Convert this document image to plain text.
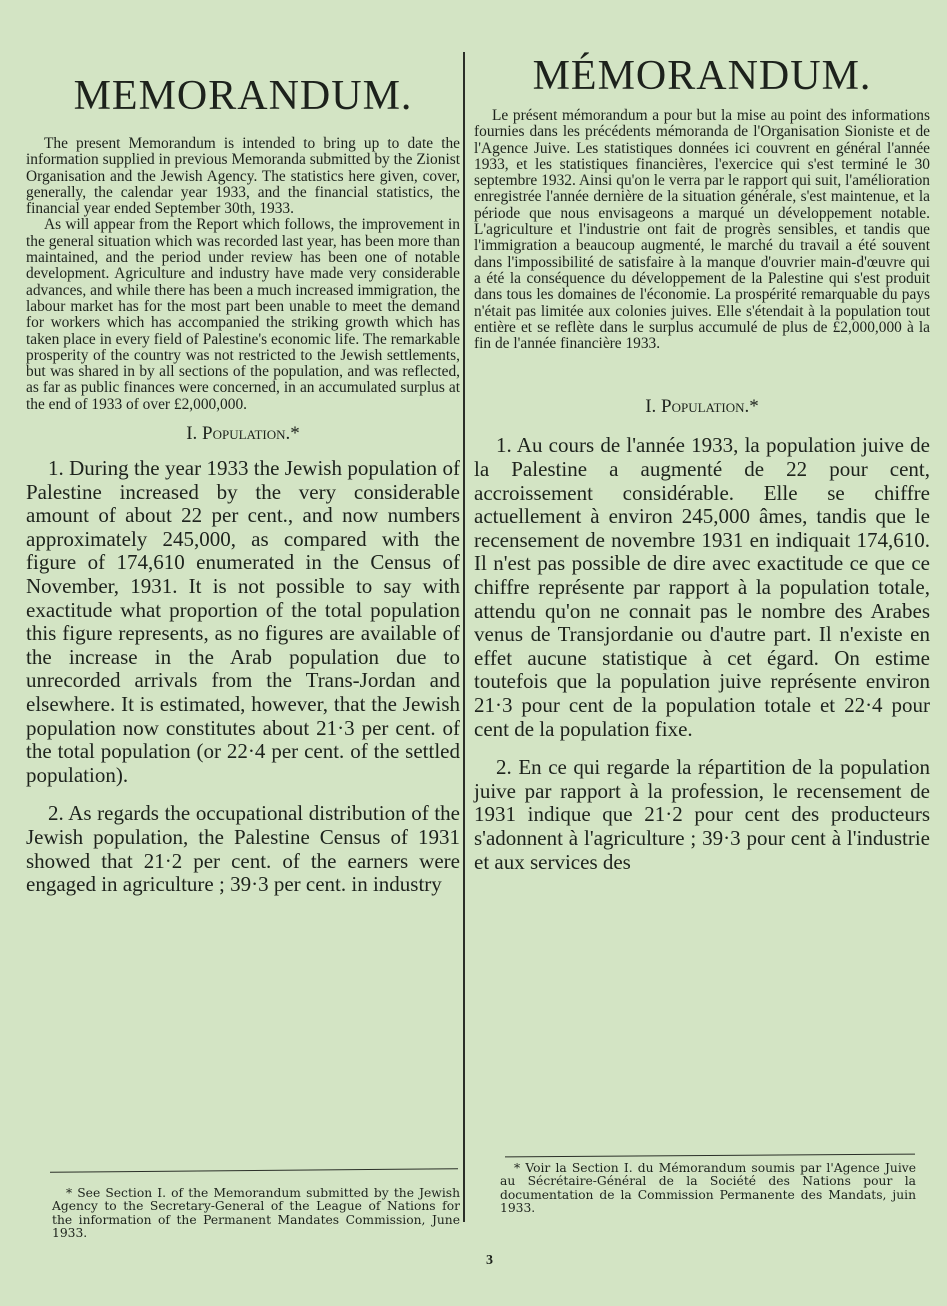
MEMORANDUM.

The present Memorandum is intended to bring up to date the information supplied in previous Memoranda submitted by the Zionist Organisation and the Jewish Agency. The statistics here given, cover, generally, the calendar year 1933, and the financial statistics, the financial year ended September 30th, 1933.

As will appear from the Report which follows, the improvement in the general situation which was recorded last year, has been more than maintained, and the period under review has been one of notable development. Agriculture and industry have made very considerable advances, and while there has been a much increased immigration, the labour market has for the most part been unable to meet the demand for workers which has accompanied the striking growth which has taken place in every field of Palestine's economic life. The remarkable prosperity of the country was not restricted to the Jewish settlements, but was shared in by all sections of the population, and was reflected, as far as public finances were concerned, in an accumulated surplus at the end of 1933 of over £2,000,000.

I. Population.*

1. During the year 1933 the Jewish population of Palestine increased by the very considerable amount of about 22 per cent., and now numbers approximately 245,000, as compared with the figure of 174,610 enumerated in the Census of November, 1931. It is not possible to say with exactitude what proportion of the total population this figure represents, as no figures are available of the increase in the Arab population due to unrecorded arrivals from the Trans-Jordan and elsewhere. It is estimated, however, that the Jewish population now constitutes about 21·3 per cent. of the total population (or 22·4 per cent. of the settled population).

2. As regards the occupational distribution of the Jewish population, the Palestine Census of 1931 showed that 21·2 per cent. of the earners were engaged in agriculture ; 39·3 per cent. in industry

MÉMORANDUM.

Le présent mémorandum a pour but la mise au point des informations fournies dans les précédents mémoranda de l'Organisation Sioniste et de l'Agence Juive. Les statistiques données ici couvrent en général l'année 1933, et les statistiques financières, l'exercice qui s'est terminé le 30 septembre 1932. Ainsi qu'on le verra par le rapport qui suit, l'amélioration enregistrée l'année dernière de la situation générale, s'est maintenue, et la période que nous envisageons a marqué un développement notable. L'agriculture et l'industrie ont fait de progrès sensibles, et tandis que l'immigration a beaucoup augmenté, le marché du travail a été souvent dans l'impossibilité de satisfaire à la manque d'ouvrier main-d'œuvre qui a été la conséquence du développement de la Palestine qui s'est produit dans tous les domaines de l'économie. La prospérité remarquable du pays n'était pas limitée aux colonies juives. Elle s'étendait à la population tout entière et se reflète dans le surplus accumulé de plus de £2,000,000 à la fin de l'année financière 1933.

I. Population.*

1. Au cours de l'année 1933, la population juive de la Palestine a augmenté de 22 pour cent, accroissement considérable. Elle se chiffre actuellement à environ 245,000 âmes, tandis que le recensement de novembre 1931 en indiquait 174,610. Il n'est pas possible de dire avec exactitude ce que ce chiffre représente par rapport à la population totale, attendu qu'on ne connait pas le nombre des Arabes venus de Transjordanie ou d'autre part. Il n'existe en effet aucune statistique à cet égard. On estime toutefois que la population juive représente environ 21·3 pour cent de la population totale et 22·4 pour cent de la population fixe.

2. En ce qui regarde la répartition de la population juive par rapport à la profession, le recensement de 1931 indique que 21·2 pour cent des producteurs s'adonnent à l'agriculture ; 39·3 pour cent à l'industrie et aux services des

* See Section I. of the Memorandum submitted by the Jewish Agency to the Secretary-General of the League of Nations for the information of the Permanent Mandates Commission, June 1933.

* Voir la Section I. du Mémorandum soumis par l'Agence Juive au Sécrétaire-Général de la Société des Nations pour la documentation de la Commission Permanente des Mandats, juin 1933.

3
